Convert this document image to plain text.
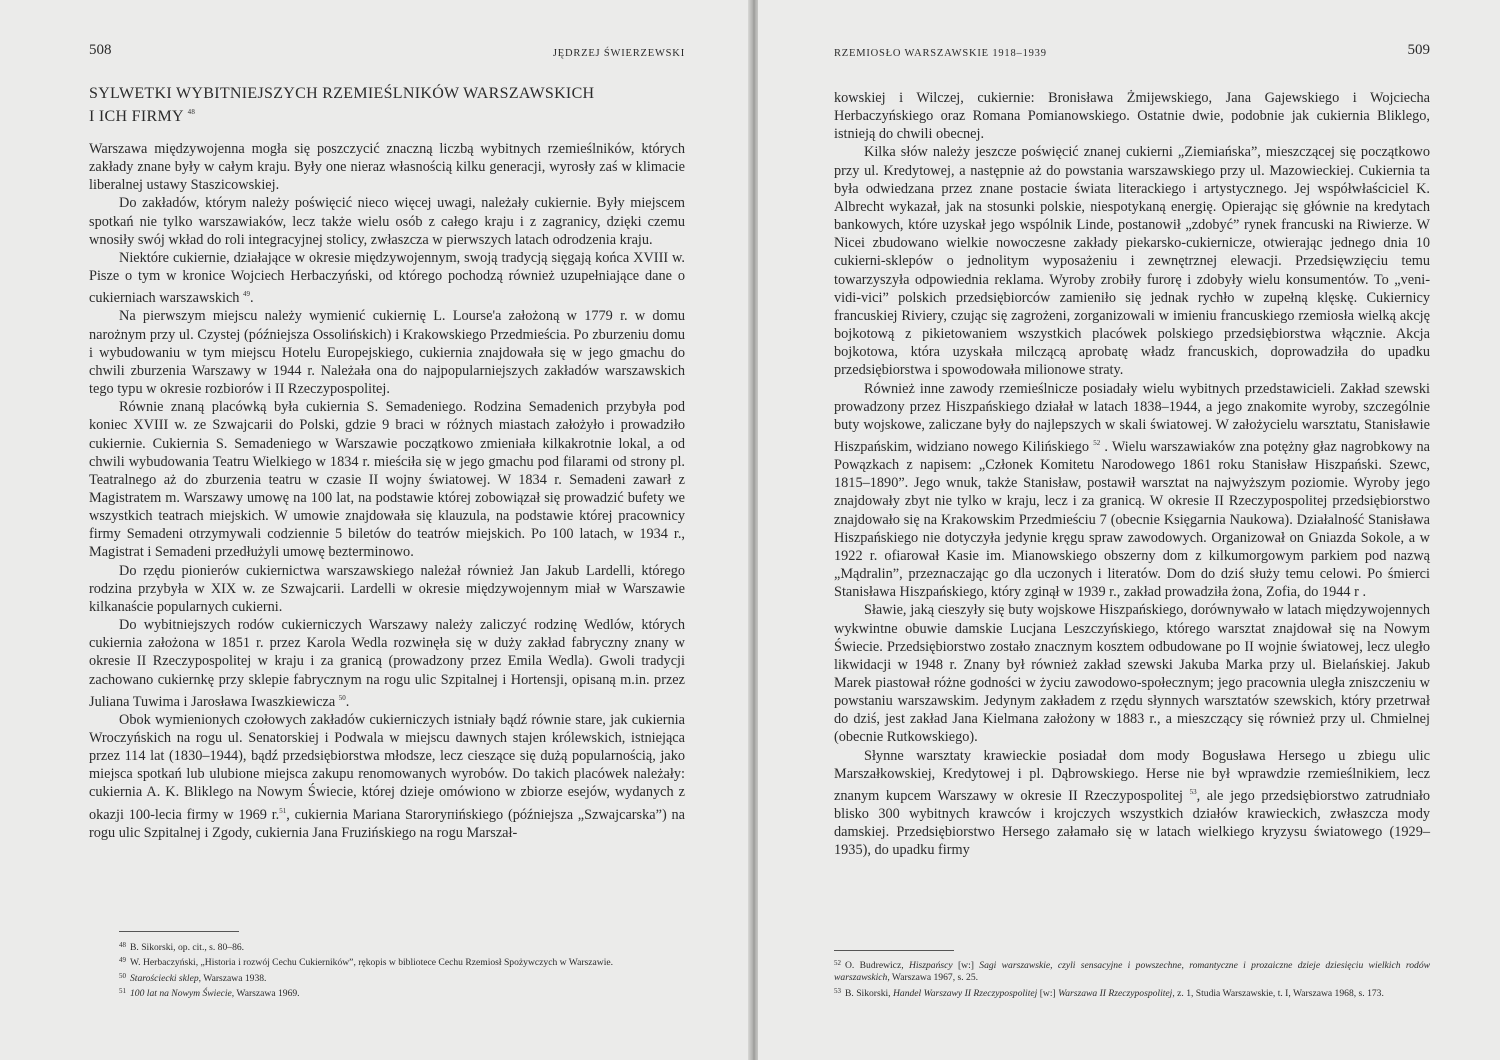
508	JĘDRZEJ ŚWIERZEWSKI
SYLWETKI WYBITNIEJSZYCH RZEMIEŚLNIKÓW WARSZAWSKICH
I ICH FIRMY $^{48}$

Warszawa międzywojenna mogła się poszczycić znaczną liczbą wybitnych rzemieślników, których zakłady znane były w całym kraju. Były one nieraz własnością kilku generacji, wyrosły zaś w klimacie liberalnej ustawy Staszicowskiej.

Do zakładów, którym należy poświęcić nieco więcej uwagi, należały cukiernie. Były miejscem spotkań nie tylko warszawiaków, lecz także wielu osób z całego kraju i z zagranicy, dzięki czemu wnosiły swój wkład do roli integracyjnej stolicy, zwłaszcza w pierwszych latach odrodzenia kraju.

Niektóre cukiernie, działające w okresie międzywojennym, swoją tradycją sięgają końca XVIII w. Pisze o tym w kronice Wojciech Herbaczyński, od którego pochodzą również uzupełniające dane o cukierniach warszawskich $^{49}$.

Na pierwszym miejscu należy wymienić cukiernię L. Lourse'a założoną w 1779 r. w domu narożnym przy ul. Czystej (późniejsza Ossolińskich) i Krakowskiego Przedmieścia. Po zburzeniu domu i wybudowaniu w tym miejscu Hotelu Europejskiego, cukiernia znajdowała się w jego gmachu do chwili zburzenia Warszawy w 1944 r. Należała ona do najpopularniejszych zakładów warszawskich tego typu w okresie rozbiorów i II Rzeczypospolitej.

Równie znaną placówką była cukiernia S. Semadeniego. Rodzina Semadenich przybyła pod koniec XVIII w. ze Szwajcarii do Polski, gdzie 9 braci w różnych miastach założyło i prowadziło cukiernie. Cukiernia S. Semadeniego w Warszawie początkowo zmieniała kilkakrotnie lokal, a od chwili wybudowania Teatru Wielkiego w 1834 r. mieściła się w jego gmachu pod filarami od strony pl. Teatralnego aż do zburzenia teatru w czasie II wojny światowej. W 1834 r. Semadeni zawarł z Magistratem m. Warszawy umowę na 100 lat, na podstawie której zobowiązał się prowadzić bufety we wszystkich teatrach miejskich. W umowie znajdowała się klauzula, na podstawie której pracownicy firmy Semadeni otrzymywali codziennie 5 biletów do teatrów miejskich. Po 100 latach, w 1934 r., Magistrat i Semadeni przedłużyli umowę bezterminowo.

Do rzędu pionierów cukiernictwa warszawskiego należał również Jan Jakub Lardelli, którego rodzina przybyła w XIX w. ze Szwajcarii. Lardelli w okresie międzywojennym miał w Warszawie kilkanaście popularnych cukierni.

Do wybitniejszych rodów cukierniczych Warszawy należy zaliczyć rodzinę Wedlów, których cukiernia założona w 1851 r. przez Karola Wedla rozwinęła się w duży zakład fabryczny znany w okresie II Rzeczypospolitej w kraju i za granicą (prowadzony przez Emila Wedla). Gwoli tradycji zachowano cukiernkę przy sklepie fabrycznym na rogu ulic Szpitalnej i Hortensji, opisaną m.in. przez Juliana Tuwima i Jarosława Iwaszkiewicza $^{50}$.

Obok wymienionych czołowych zakładów cukierniczych istniały bądź równie stare, jak cukiernia Wroczyńskich na rogu ul. Senatorskiej i Podwala w miejscu dawnych stajen królewskich, istniejąca przez 114 lat (1830–1944), bądź przedsiębiorstwa młodsze, lecz cieszące się dużą popularnością, jako miejsca spotkań lub ulubione miejsca zakupu renomowanych wyrobów. Do takich placówek należały: cukiernia A. K. Bliklego na Nowym Świecie, której dzieje omówiono w zbiorze esejów, wydanych z okazji 100-lecia firmy w 1969 r.$^{51}$, cukiernia Mariana Staroryпińskiego (późniejsza „Szwajcarska”) na rogu ulic Szpitalnej i Zgody, cukiernia Jana Fruzińskiego na rogu Marszał-

$^{48}$ B. Sikorski, op. cit., s. 80–86.

$^{49}$ W. Herbaczyński, „Historia i rozwój Cechu Cukierników”, rękopis w bibliotece Cechu Rzemiosł Spożywczych w Warszawie.

$^{50}$ Starościecki sklep, Warszawa 1938.

$^{51}$ 100 lat na Nowym Świecie, Warszawa 1969.

RZEMIOSŁO WARSZAWSKIE 1918–1939	509

kowskiej i Wilczej, cukiernie: Bronisława Żmijewskiego, Jana Gajewskiego i Wojciecha Herbaczyńskiego oraz Romana Pomianowskiego. Ostatnie dwie, podobnie jak cukiernia Bliklego, istnieją do chwili obecnej.

Kilka słów należy jeszcze poświęcić znanej cukierni „Ziemiańska”, mieszczącej się początkowo przy ul. Kredytowej, a następnie aż do powstania warszawskiego przy ul. Mazowieckiej. Cukiernia ta była odwiedzana przez znane postacie świata literackiego i artystycznego. Jej współwłaściciel K. Albrecht wykazał, jak na stosunki polskie, niespotykaną energię. Opierając się głównie na kredytach bankowych, które uzyskał jego wspólnik Linde, postanowił „zdobyć” rynek francuski na Riwierze. W Nicei zbudowano wielkie nowoczesne zakłady piekarsko-cukiernicze, otwierając jednego dnia 10 cukierni-sklepów o jednolitym wyposażeniu i zewnętrznej elewacji. Przedsięwzięciu temu towarzyszyła odpowiednia reklama. Wyroby zrobiły furorę i zdobyły wielu konsumentów. To „veni-vidi-vici” polskich przedsiębiorców zamieniło się jednak rychło w zupełną klęskę. Cukiernicy francuskiej Riviery, czując się zagrożeni, zorganizowali w imieniu francuskiego rzemiosła wielką akcję bojkotową z pikietowaniem wszystkich placówek polskiego przedsiębiorstwa włącznie. Akcja bojkotowa, która uzyskała milczącą aprobatę władz francuskich, doprowadziła do upadku przedsiębiorstwa i spowodowała milionowe straty.

Również inne zawody rzemieślnicze posiadały wielu wybitnych przedstawicieli. Zakład szewski prowadzony przez Hiszpańskiego działał w latach 1838–1944, a jego znakomite wyroby, szczególnie buty wojskowe, zaliczane były do najlepszych w skali światowej. W założycielu warsztatu, Stanisławie Hiszpańskim, widziano nowego Kilińskiego $^{52}$ . Wielu warszawiaków zna potężny głaz nagrobkowy na Powązkach z napisem: „Członek Komitetu Narodowego 1861 roku Stanisław Hiszpański. Szewc, 1815–1890”. Jego wnuk, także Stanisław, postawił warsztat na najwyższym poziomie. Wyroby jego znajdowały zbyt nie tylko w kraju, lecz i za granicą. W okresie II Rzeczypospolitej przedsiębiorstwo znajdowało się na Krakowskim Przedmieściu 7 (obecnie Księgarnia Naukowa). Działalność Stanisława Hiszpańskiego nie dotyczyła jedynie kręgu spraw zawodowych. Organizował on Gniazda Sokole, a w 1922 r. ofiarował Kasie im. Mianowskiego obszerny dom z kilkumorgowym parkiem pod nazwą „Mądralin”, przeznaczając go dla uczonych i literatów. Dom do dziś służy temu celowi. Po śmierci Stanisława Hiszpańskiego, który zginął w 1939 r., zakład prowadziła żona, Zofia, do 1944 r .

Sławie, jaką cieszyły się buty wojskowe Hiszpańskiego, dorównywało w latach międzywojennych wykwintne obuwie damskie Lucjana Leszczyńskiego, którego warsztat znajdował się na Nowym Świecie. Przedsiębiorstwo zostało znacznym kosztem odbudowane po II wojnie światowej, lecz uległo likwidacji w 1948 r. Znany był również zakład szewski Jakuba Marka przy ul. Bielańskiej. Jakub Marek piastował różne godności w życiu zawodowo-społecznym; jego pracownia uległa zniszczeniu w powstaniu warszawskim. Jedynym zakładem z rzędu słynnych warsztatów szewskich, który przetrwał do dziś, jest zakład Jana Kielmana założony w 1883 r., a mieszczący się również przy ul. Chmielnej (obecnie Rutkowskiego).

Słynne warsztaty krawieckie posiadał dom mody Bogusława Hersego u zbiegu ulic Marszałkowskiej, Kredytowej i pl. Dąbrowskiego. Herse nie był wprawdzie rzemieślnikiem, lecz znanym kupcem Warszawy w okresie II Rzeczypospolitej $^{53}$, ale jego przedsiębiorstwo zatrudniało blisko 300 wybitnych krawców i krojczych wszystkich działów krawieckich, zwłaszcza mody damskiej. Przedsiębiorstwo Hersego załamało się w latach wielkiego kryzysu światowego (1929–1935), do upadku firmy

$^{52}$ O. Budrewicz, Hiszpańscy [w:] Sagi warszawskie, czyli sensacyjne i powszechne, romantyczne i prozaiczne dzieje dziesięciu wielkich rodów warszawskich, Warszawa 1967, s. 25.

$^{53}$ B. Sikorski, Handel Warszawy II Rzeczypospolitej [w:] Warszawa II Rzeczypospolitej, z. 1, Studia Warszawskie, t. I, Warszawa 1968, s. 173.
